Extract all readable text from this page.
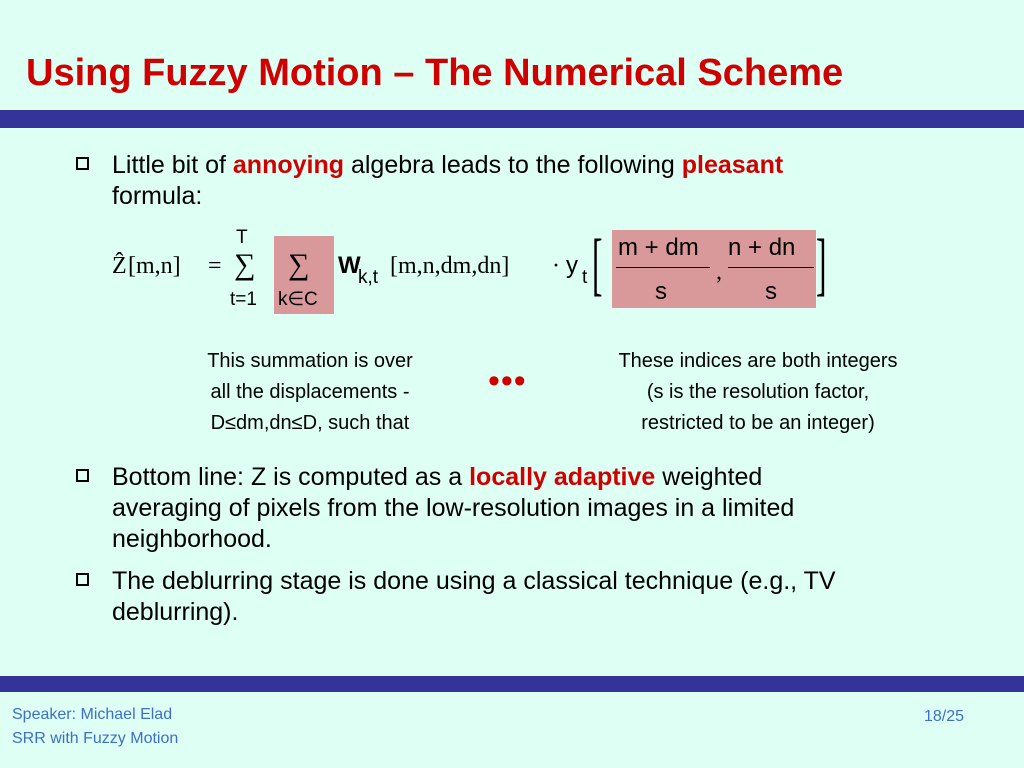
Using Fuzzy Motion – The Numerical Scheme
Little bit of annoying algebra leads to the following pleasant
formula:
Ẑ [m,n] =
T
∑
t=1
∑
k∈C
W
k,t [m,n,dm,dn] · y t [	]
m + dm
s
,
n + dn
s
This summation is over
all the displacements -
D≤dm,dn≤D, such that
•••
These indices are both integers
(s is the resolution factor,
restricted to be an integer)
Bottom line: Z is computed as a locally adaptive weighted
averaging of pixels from the low-resolution images in a limited
neighborhood.
The deblurring stage is done using a classical technique (e.g., TV
deblurring).
Speaker: Michael Elad
SRR with Fuzzy Motion
18/25
